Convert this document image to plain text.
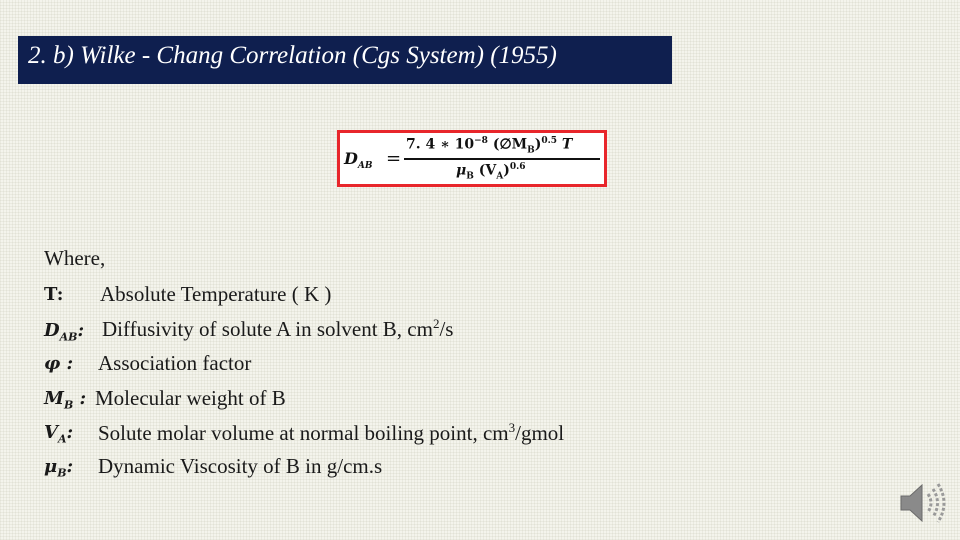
2. b) Wilke - Chang Correlation (Cgs System) (1955)
$D_{AB}$ =
7. 4 ∗ $10^{-8}$ $(\emptyset M_B)^{0.5}$ T
$\mu_B$ $(V_A)^{0.6}$
Where,
T: Absolute Temperature ( K )
$D_{AB}$: Diffusivity of solute A in solvent B, $cm^2/s$
φ : Association factor
$M_B$ : Molecular weight of B
$V_A$: Solute molar volume at normal boiling point, $cm^3$/gmol
$\mu_B$: Dynamic Viscosity of B in g/cm.s
